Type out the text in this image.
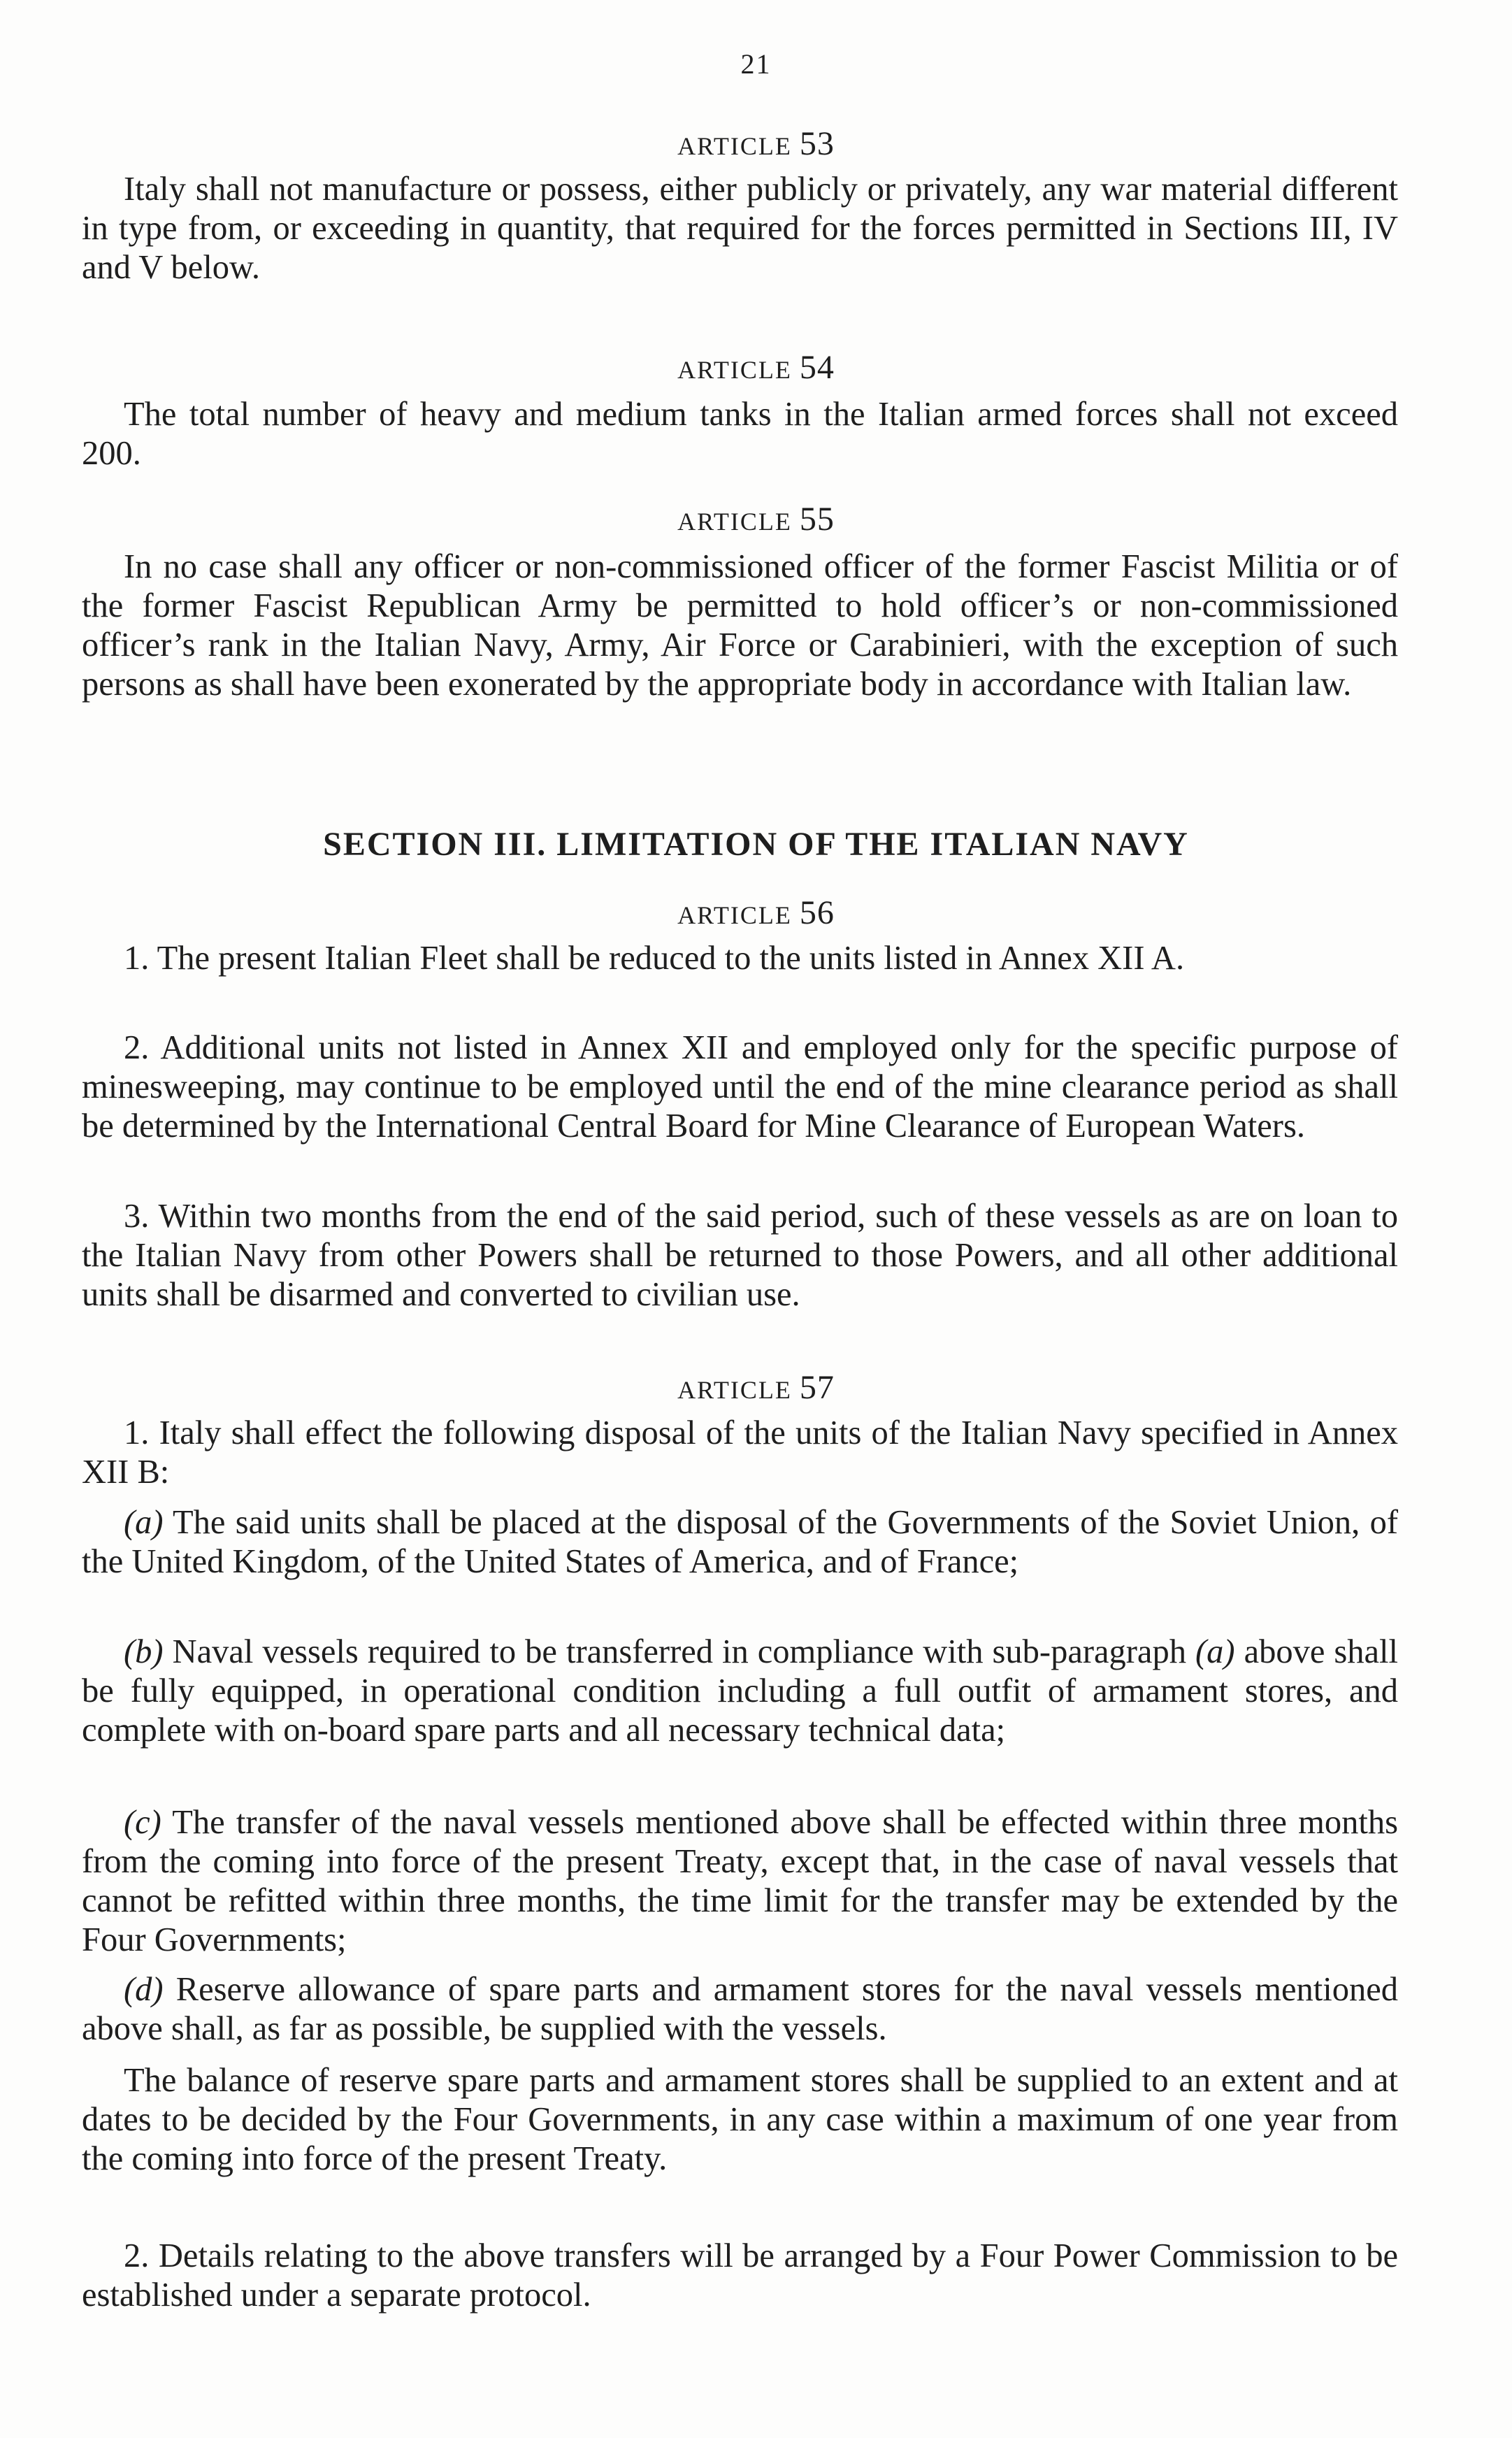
21
ARTICLE 53

Italy shall not manufacture or possess, either publicly or privately, any war material different in type from, or exceeding in quantity, that required for the forces permitted in Sections III, IV and V below.

ARTICLE 54

The total number of heavy and medium tanks in the Italian armed forces shall not exceed 200.

ARTICLE 55

In no case shall any officer or non-commissioned officer of the former Fascist Militia or of the former Fascist Republican Army be permitted to hold officer’s or non-commissioned officer’s rank in the Italian Navy, Army, Air Force or Carabinieri, with the exception of such persons as shall have been exonerated by the appropriate body in accordance with Italian law.

SECTION III. LIMITATION OF THE ITALIAN NAVY
ARTICLE 56

1. The present Italian Fleet shall be reduced to the units listed in Annex XII A.

2. Additional units not listed in Annex XII and employed only for the specific purpose of minesweeping, may continue to be employed until the end of the mine clearance period as shall be determined by the International Central Board for Mine Clearance of European Waters.

3. Within two months from the end of the said period, such of these vessels as are on loan to the Italian Navy from other Powers shall be returned to those Powers, and all other additional units shall be disarmed and converted to civilian use.

ARTICLE 57

1. Italy shall effect the following disposal of the units of the Italian Navy specified in Annex XII B:

(a) The said units shall be placed at the disposal of the Governments of the Soviet Union, of the United Kingdom, of the United States of America, and of France;

(b) Naval vessels required to be transferred in compliance with sub-paragraph (a) above shall be fully equipped, in operational condition including a full outfit of armament stores, and complete with on-board spare parts and all necessary technical data;

(c) The transfer of the naval vessels mentioned above shall be effected within three months from the coming into force of the present Treaty, except that, in the case of naval vessels that cannot be refitted within three months, the time limit for the transfer may be extended by the Four Governments;

(d) Reserve allowance of spare parts and armament stores for the naval vessels mentioned above shall, as far as possible, be supplied with the vessels.

The balance of reserve spare parts and armament stores shall be supplied to an extent and at dates to be decided by the Four Governments, in any case within a maximum of one year from the coming into force of the present Treaty.

2. Details relating to the above transfers will be arranged by a Four Power Commission to be established under a separate protocol.
